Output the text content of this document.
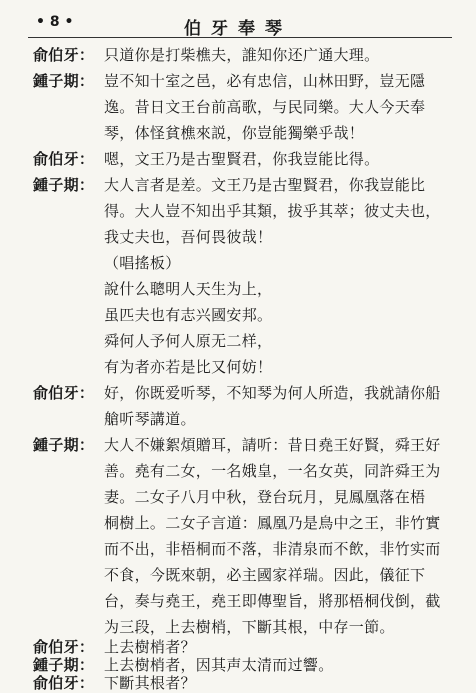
• 8 •	伯牙奉琴
俞伯牙： 只道你是打柴樵夫，誰知你还广通大理。
鍾子期： 豈不知十室之邑，必有忠信，山林田野，豈无隱
逸。昔日文王台前高歌，与民同樂。大人今天奉
琴，体怪貧樵來説，你豈能獨樂乎哉！
俞伯牙： 嗯，文王乃是古聖賢君，你我豈能比得。
鍾子期： 大人言者是差。文王乃是古聖賢君，你我豈能比
得。大人豈不知出乎其類，拔乎其萃；彼丈夫也，
我丈夫也，吾何畏彼哉！
（唱搖板）
說什么聰明人天生为上，
虽匹夫也有志兴國安邦。
舜何人予何人原无二样，
有为者亦若是比又何妨！
俞伯牙： 好，你既爱听琴，不知琴为何人所造，我就請你船
艙听琴講道。
鍾子期： 大人不嫌絮煩贈耳，請听：昔日堯王好賢，舜王好
善。堯有二女，一名娥皇，一名女英，同許舜王为
妻。二女子八月中秋，登台玩月，見鳳凰落在梧
桐樹上。二女子言道：鳳凰乃是鳥中之王，非竹實
而不出，非梧桐而不落，非清泉而不飲，非竹实而
不食，今既來朝，必主國家祥瑞。因此，儀征下
台，奏与堯王，堯王即傳聖旨，將那梧桐伐倒，截
为三段，上去樹梢，下斷其根，中存一節。
俞伯牙： 上去樹梢者？
鍾子期： 上去樹梢者，因其声太清而过響。
俞伯牙： 下斷其根者？
